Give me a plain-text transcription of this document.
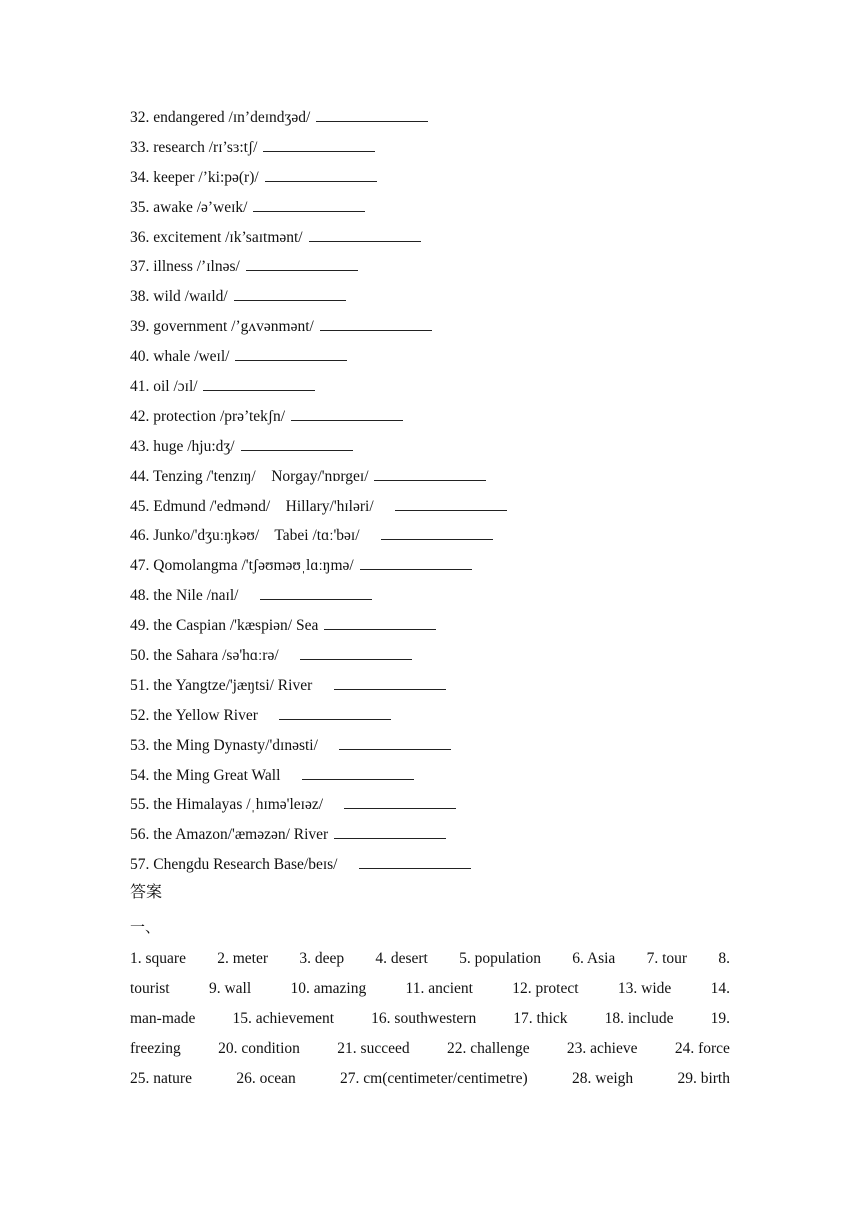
32. endangered /ɪn’deɪndʒəd/
33. research /rɪ’sɜ:tʃ/
34. keeper /’ki:pə(r)/
35. awake /ə’weɪk/
36. excitement /ɪk’saɪtmənt/
37. illness /’ɪlnəs/
38. wild /waɪld/
39. government /’gʌvənmənt/
40. whale /weɪl/
41. oil /ɔɪl/
42. protection /prə’tekʃn/
43. huge /hju:dʒ/
44. Tenzing /'tenzɪŋ/    Norgay/'nɒrgeɪ/
45. Edmund /'edmənd/    Hillary/'hɪləri/
46. Junko/'dʒuːŋkəʊ/    Tabei /tɑː'bəɪ/
47. Qomolangma /'tʃəʊməʊˌlɑːŋmə/
48. the Nile /naɪl/
49. the Caspian /'kæspiən/ Sea
50. the Sahara /sə'hɑːrə/
51. the Yangtze/'jæŋtsi/ River
52. the Yellow River
53. the Ming Dynasty/'dɪnəsti/
54. the Ming Great Wall
55. the Himalayas /ˌhɪmə'leɪəz/
56. the Amazon/'æməzən/ River
57. Chengdu Research Base/beɪs/
答案
一、
1. square 2. meter 3. deep 4. desert 5. population 6. Asia 7. tour 8.
tourist	9. wall	10. amazing	11. ancient	12. protect	13. wide	14.
man-made 15. achievement 16. southwestern 17. thick 18. include 19.
freezing 20. condition 21. succeed 22. challenge 23. achieve 24. force
25. nature	26. ocean	27. cm(centimeter/centimetre)	28. weigh	29. birth
